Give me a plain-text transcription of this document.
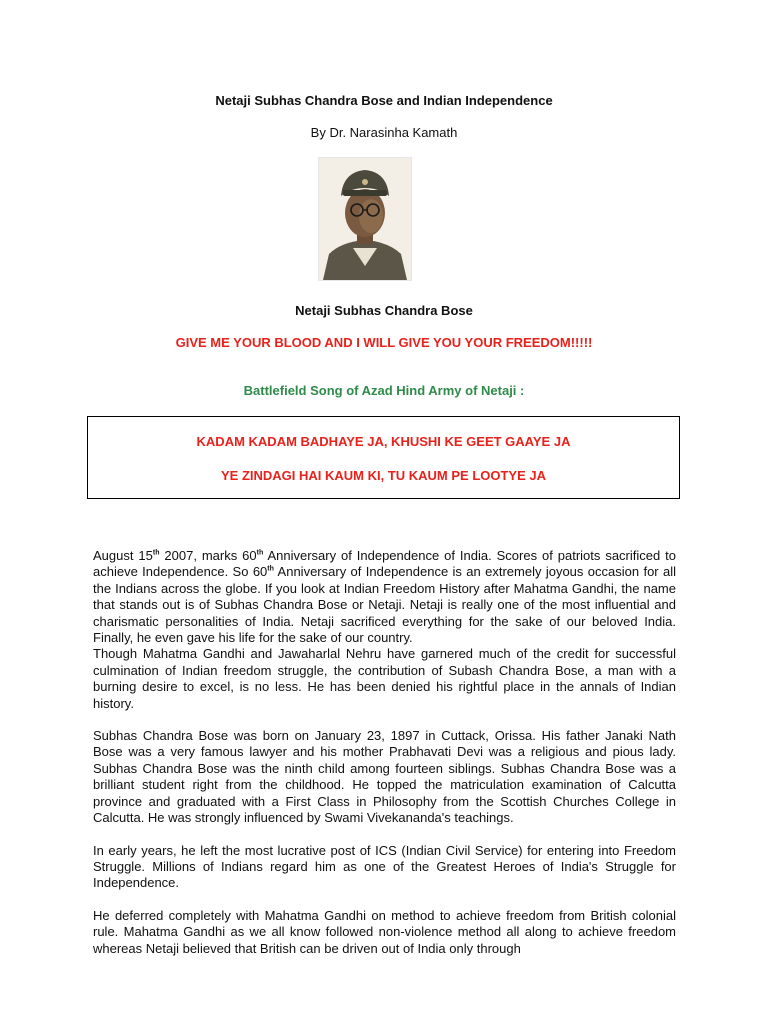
Netaji Subhas Chandra Bose and Indian Independence
By Dr. Narasinha Kamath
Netaji Subhas Chandra Bose
GIVE ME YOUR BLOOD AND I WILL GIVE YOU YOUR FREEDOM!!!!!
Battlefield Song of Azad Hind Army of Netaji :
KADAM KADAM BADHAYE JA, KHUSHI KE GEET GAAYE JA
YE ZINDAGI HAI KAUM KI, TU KAUM PE LOOTYE JA

August 15th 2007, marks 60th Anniversary of Independence of India. Scores of patriots sacrificed to achieve Independence. So 60th Anniversary of Independence is an extremely joyous occasion for all the Indians across the globe. If you look at Indian Freedom History after Mahatma Gandhi, the name that stands out is of Subhas Chandra Bose or Netaji. Netaji is really one of the most influential and charismatic personalities of India. Netaji sacrificed everything for the sake of our beloved India. Finally, he even gave his life for the sake of our country.

Though Mahatma Gandhi and Jawaharlal Nehru have garnered much of the credit for successful culmination of Indian freedom struggle, the contribution of Subash Chandra Bose, a man with a burning desire to excel, is no less. He has been denied his rightful place in the annals of Indian history.

Subhas Chandra Bose was born on January 23, 1897 in Cuttack, Orissa. His father Janaki Nath Bose was a very famous lawyer and his mother Prabhavati Devi was a religious and pious lady. Subhas Chandra Bose was the ninth child among fourteen siblings. Subhas Chandra Bose was a brilliant student right from the childhood. He topped the matriculation examination of Calcutta province and graduated with a First Class in Philosophy from the Scottish Churches College in Calcutta. He was strongly influenced by Swami Vivekananda's teachings.

In early years, he left the most lucrative post of ICS (Indian Civil Service) for entering into Freedom Struggle. Millions of Indians regard him as one of the Greatest Heroes of India's Struggle for Independence.

He deferred completely with Mahatma Gandhi on method to achieve freedom from British colonial rule. Mahatma Gandhi as we all know followed non-violence method all along to achieve freedom whereas Netaji believed that British can be driven out of India only through
